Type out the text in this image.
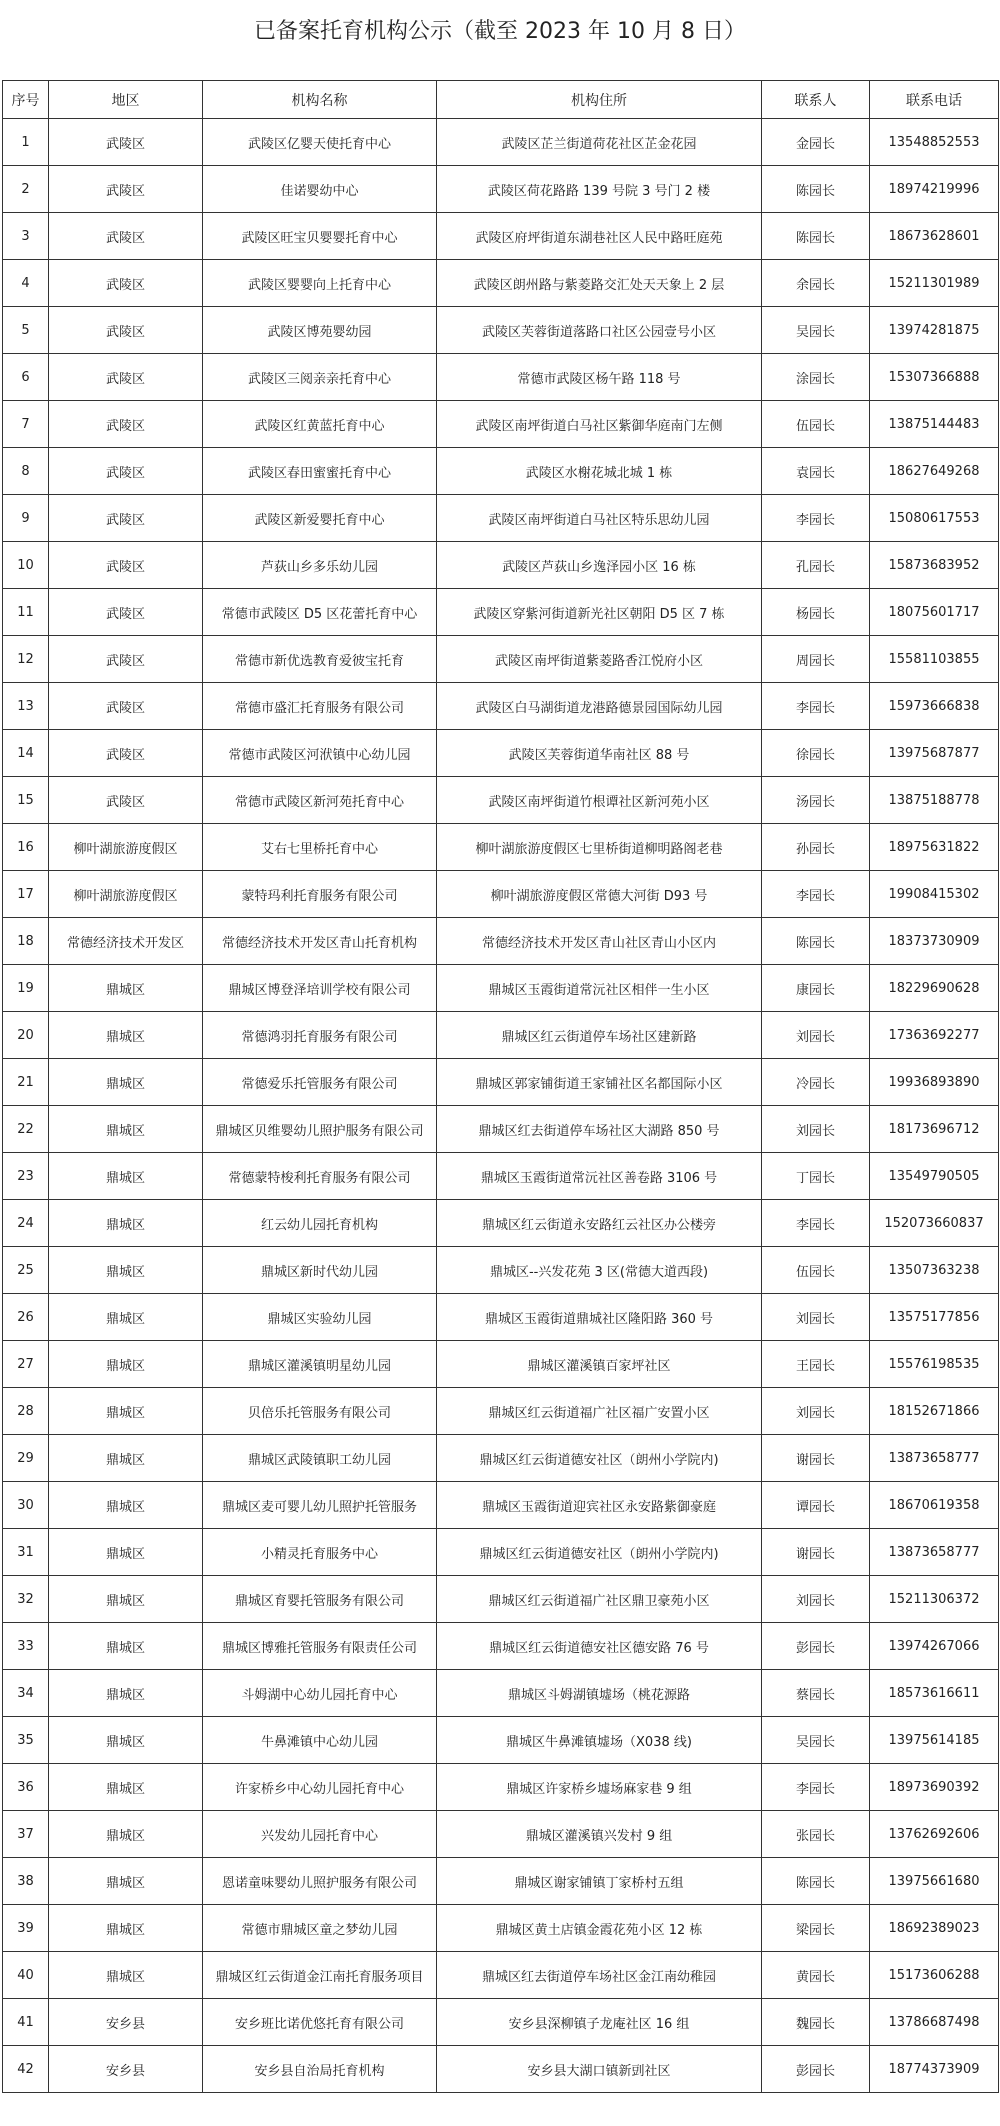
已备案托育机构公示（截至 2023 年 10 月 8 日）
序号	地区	机构名称	机构住所	联系人	联系电话
1	武陵区	武陵区亿婴天使托育中心	武陵区芷兰街道荷花社区芷金花园	金园长	13548852553
2	武陵区	佳诺婴幼中心	武陵区荷花路路 139 号院 3 号门 2 楼	陈园长	18974219996
3	武陵区	武陵区旺宝贝婴婴托育中心	武陵区府坪街道东湖巷社区人民中路旺庭苑	陈园长	18673628601
4	武陵区	武陵区婴婴向上托育中心	武陵区朗州路与紫菱路交汇处天天象上 2 层	余园长	15211301989
5	武陵区	武陵区博苑婴幼园	武陵区芙蓉街道落路口社区公园壹号小区	吴园长	13974281875
6	武陵区	武陵区三阅亲亲托育中心	常德市武陵区杨午路 118 号	涂园长	15307366888
7	武陵区	武陵区红黄蓝托育中心	武陵区南坪街道白马社区紫御华庭南门左侧	伍园长	13875144483
8	武陵区	武陵区春田蜜蜜托育中心	武陵区水榭花城北城 1 栋	袁园长	18627649268
9	武陵区	武陵区新爱婴托育中心	武陵区南坪街道白马社区特乐思幼儿园	李园长	15080617553
10	武陵区	芦荻山乡多乐幼儿园	武陵区芦荻山乡逸泽园小区 16 栋	孔园长	15873683952
11	武陵区	常德市武陵区 D5 区花蕾托育中心	武陵区穿紫河街道新光社区朝阳 D5 区 7 栋	杨园长	18075601717
12	武陵区	常德市新优选教育爱彼宝托育	武陵区南坪街道紫菱路香江悦府小区	周园长	15581103855
13	武陵区	常德市盛汇托育服务有限公司	武陵区白马湖街道龙港路德景园国际幼儿园	李园长	15973666838
14	武陵区	常德市武陵区河洑镇中心幼儿园	武陵区芙蓉街道华南社区 88 号	徐园长	13975687877
15	武陵区	常德市武陵区新河苑托育中心	武陵区南坪街道竹根谭社区新河苑小区	汤园长	13875188778
16	柳叶湖旅游度假区	艾右七里桥托育中心	柳叶湖旅游度假区七里桥街道柳明路阁老巷	孙园长	18975631822
17	柳叶湖旅游度假区	蒙特玛利托育服务有限公司	柳叶湖旅游度假区常德大河街 D93 号	李园长	19908415302
18	常德经济技术开发区	常德经济技术开发区青山托育机构	常德经济技术开发区青山社区青山小区内	陈园长	18373730909
19	鼎城区	鼎城区博登泽培训学校有限公司	鼎城区玉霞街道常沅社区相伴一生小区	康园长	18229690628
20	鼎城区	常德鸿羽托育服务有限公司	鼎城区红云街道停车场社区建新路	刘园长	17363692277
21	鼎城区	常德爱乐托管服务有限公司	鼎城区郭家铺街道王家铺社区名都国际小区	冷园长	19936893890
22	鼎城区	鼎城区贝维婴幼儿照护服务有限公司	鼎城区红去街道停车场社区大湖路 850 号	刘园长	18173696712
23	鼎城区	常德蒙特梭利托育服务有限公司	鼎城区玉霞街道常沅社区善卷路 3106 号	丁园长	13549790505
24	鼎城区	红云幼儿园托育机构	鼎城区红云街道永安路红云社区办公楼旁	李园长	152073660837
25	鼎城区	鼎城区新时代幼儿园	鼎城区--兴发花苑 3 区(常德大道西段)	伍园长	13507363238
26	鼎城区	鼎城区实验幼儿园	鼎城区玉霞街道鼎城社区隆阳路 360 号	刘园长	13575177856
27	鼎城区	鼎城区灌溪镇明星幼儿园	鼎城区灌溪镇百家坪社区	王园长	15576198535
28	鼎城区	贝倍乐托管服务有限公司	鼎城区红云街道福广社区福广安置小区	刘园长	18152671866
29	鼎城区	鼎城区武陵镇职工幼儿园	鼎城区红云街道德安社区（朗州小学院内)	谢园长	13873658777
30	鼎城区	鼎城区麦可婴儿幼儿照护托管服务	鼎城区玉霞街道迎宾社区永安路紫御豪庭	谭园长	18670619358
31	鼎城区	小精灵托育服务中心	鼎城区红云街道德安社区（朗州小学院内)	谢园长	13873658777
32	鼎城区	鼎城区育婴托管服务有限公司	鼎城区红云街道福广社区鼎卫豪苑小区	刘园长	15211306372
33	鼎城区	鼎城区博雅托管服务有限责任公司	鼎城区红云街道德安社区德安路 76 号	彭园长	13974267066
34	鼎城区	斗姆湖中心幼儿园托育中心	鼎城区斗姆湖镇墟场（桃花源路	蔡园长	18573616611
35	鼎城区	牛鼻滩镇中心幼儿园	鼎城区牛鼻滩镇墟场（X038 线)	吴园长	13975614185
36	鼎城区	许家桥乡中心幼儿园托育中心	鼎城区许家桥乡墟场麻家巷 9 组	李园长	18973690392
37	鼎城区	兴发幼儿园托育中心	鼎城区灌溪镇兴发村 9 组	张园长	13762692606
38	鼎城区	恩诺童味婴幼儿照护服务有限公司	鼎城区谢家铺镇丁家桥村五组	陈园长	13975661680
39	鼎城区	常德市鼎城区童之梦幼儿园	鼎城区黄土店镇金霞花苑小区 12 栋	梁园长	18692389023
40	鼎城区	鼎城区红云街道金江南托育服务项目	鼎城区红去街道停车场社区金江南幼稚园	黄园长	15173606288
41	安乡县	安乡班比诺优悠托育有限公司	安乡县深柳镇子龙庵社区 16 组	魏园长	13786687498
42	安乡县	安乡县自治局托育机构	安乡县大湖口镇新剅社区	彭园长	18774373909
